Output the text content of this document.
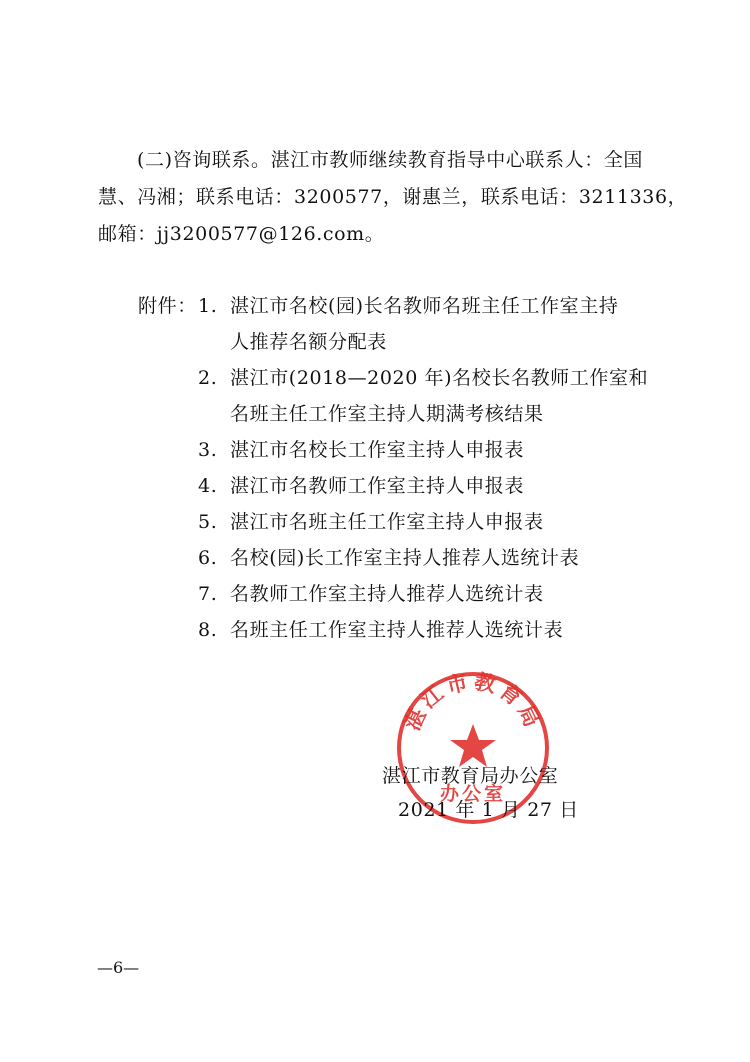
(二)咨询联系。湛江市教师继续教育指导中心联系人：全国
慧、冯湘；联系电话：3200577，谢惠兰，联系电话：3211336，
邮箱：jj3200577@126.com。
附件： 1. 湛江市名校(园)长名教师名班主任工作室主持
人推荐名额分配表
2. 湛江市(2018—2020 年)名校长名教师工作室和
名班主任工作室主持人期满考核结果
3. 湛江市名校长工作室主持人申报表
4. 湛江市名教师工作室主持人申报表
5. 湛江市名班主任工作室主持人申报表
6. 名校(园)长工作室主持人推荐人选统计表
7. 名教师工作室主持人推荐人选统计表
8. 名班主任工作室主持人推荐人选统计表
湛江市教育局
办公室
湛江市教育局办公室
2021 年 1 月 27 日
—6—
